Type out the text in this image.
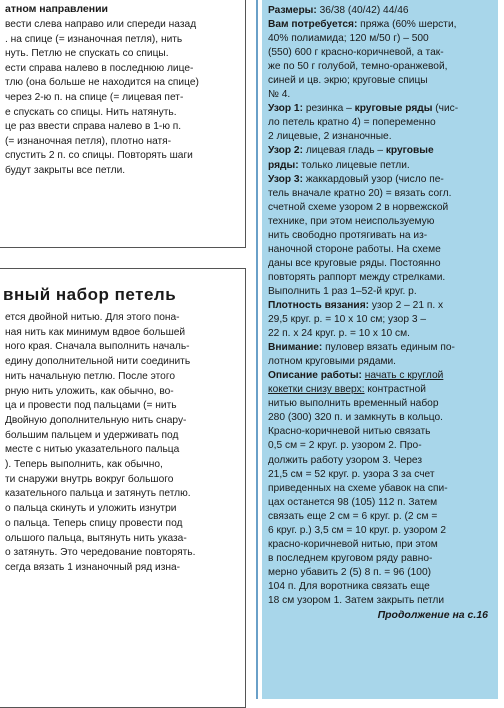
атном направлении
вести слева направо или спереди назад
. на спице (= изнаночная петля), нить
нуть. Петлю не спускать со спицы.
ести справа налево в последнюю лице-
тлю (она больше не находится на спице)
через 2-ю п. на спице (= лицевая пет-
е спускать со спицы. Нить натянуть.
це раз ввести справа налево в 1-ю п.
(= изнаночная петля), плотно натя-
спустить 2 п. со спицы. Повторять шаги
будут закрыты все петли.
вный набор петель
ется двойной нитью. Для этого пона-
ная нить как минимум вдвое большей
ного края. Сначала выполнить началь-
едину дополнительной нити соединить
нить начальную петлю. После этого
рную нить уложить, как обычно, во-
ца и провести под пальцами (= нить
Двойную дополнительную нить снару-
большим пальцем и удерживать под
месте с нитью указательного пальца
). Теперь выполнить, как обычно,
ти снаружи внутрь вокруг большого
казательного пальца и затянуть петлю.
о пальца скинуть и уложить изнутри
о пальца. Теперь спицу провести под
ольшого пальца, вытянуть нить указа-
о затянуть. Это чередование повторять.
сегда вязать 1 изнаночный ряд изна-
Размеры: 36/38 (40/42) 44/46
Вам потребуется: пряжа (60% шерсти,
40% полиамида; 120 м/50 г) – 500
(550) 600 г красно-коричневой, а так-
же по 50 г голубой, темно-оранжевой,
синей и цв. экрю; круговые спицы
№ 4.
Узор 1: резинка – круговые ряды (чис-
ло петель кратно 4) = попеременно
2 лицевые, 2 изнаночные.
Узор 2: лицевая гладь – круговые
ряды: только лицевые петли.
Узор 3: жаккардовый узор (число пе-
тель вначале кратно 20) = вязать согл.
счетной схеме узором 2 в норвежской
технике, при этом неиспользуемую
нить свободно протягивать на из-
наночной стороне работы. На схеме
даны все круговые ряды. Постоянно
повторять раппорт между стрелками.
Выполнить 1 раз 1–52-й круг. р.
Плотность вязания: узор 2 – 21 п. х
29,5 круг. р. = 10 х 10 см; узор 3 –
22 п. х 24 круг. р. = 10 х 10 см.
Внимание: пуловер вязать единым по-
лотном круговыми рядами.
Описание работы: начать с круглой
кокетки снизу вверх: контрастной
нитью выполнить временный набор
280 (300) 320 п. и замкнуть в кольцо.
Красно-коричневой нитью связать
0,5 см = 2 круг. р. узором 2. Про-
должить работу узором 3. Через
21,5 см = 52 круг. р. узора 3 за счет
приведенных на схеме убавок на спи-
цах останется 98 (105) 112 п. Затем
связать еще 2 см = 6 круг. р. (2 см =
6 круг. р.) 3,5 см = 10 круг. р. узором 2
красно-коричневой нитью, при этом
в последнем круговом ряду равно-
мерно убавить 2 (5) 8 п. = 96 (100)
104 п. Для воротника связать еще
18 см узором 1. Затем закрыть петли
Продолжение на с.16
